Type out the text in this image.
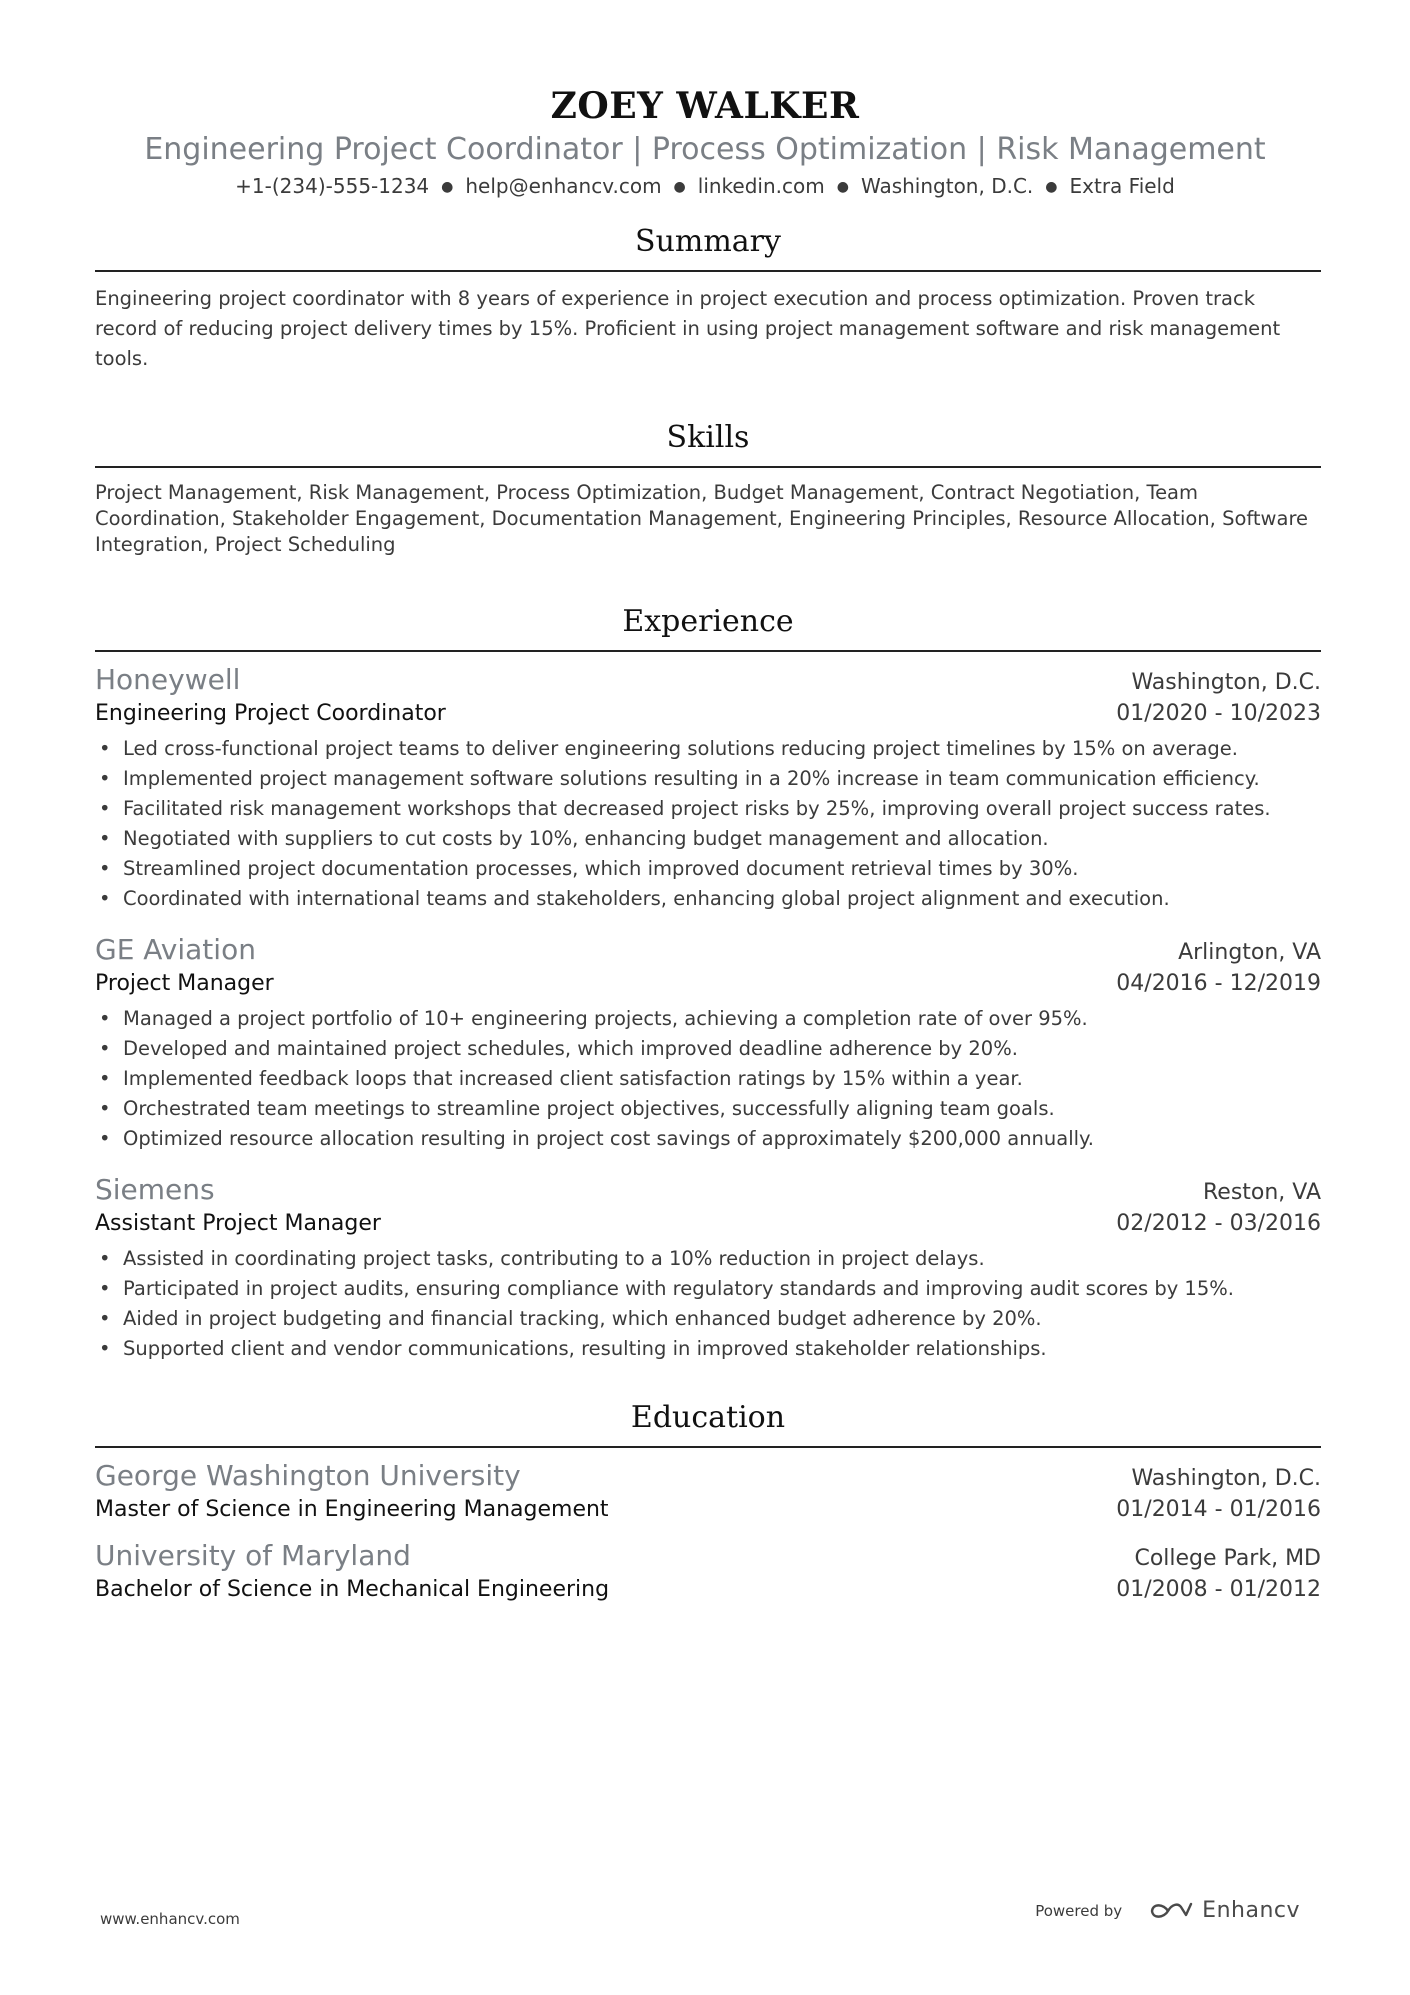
ZOEY WALKER
Engineering Project Coordinator | Process Optimization | Risk Management
+1-(234)-555-1234 ● help@enhancv.com ● linkedin.com ● Washington, D.C. ● Extra Field
Summary
Engineering project coordinator with 8 years of experience in project execution and process optimization. Proven track record of reducing project delivery times by 15%. Proficient in using project management software and risk management tools.
Skills
Project Management, Risk Management, Process Optimization, Budget Management, Contract Negotiation, Team Coordination, Stakeholder Engagement, Documentation Management, Engineering Principles, Resource Allocation, Software Integration, Project Scheduling
Experience
Honeywell	Washington, D.C.
Engineering Project Coordinator	01/2020 - 10/2023
• Led cross-functional project teams to deliver engineering solutions reducing project timelines by 15% on average.
• Implemented project management software solutions resulting in a 20% increase in team communication efficiency.
• Facilitated risk management workshops that decreased project risks by 25%, improving overall project success rates.
• Negotiated with suppliers to cut costs by 10%, enhancing budget management and allocation.
• Streamlined project documentation processes, which improved document retrieval times by 30%.
• Coordinated with international teams and stakeholders, enhancing global project alignment and execution.
GE Aviation	Arlington, VA
Project Manager	04/2016 - 12/2019
• Managed a project portfolio of 10+ engineering projects, achieving a completion rate of over 95%.
• Developed and maintained project schedules, which improved deadline adherence by 20%.
• Implemented feedback loops that increased client satisfaction ratings by 15% within a year.
• Orchestrated team meetings to streamline project objectives, successfully aligning team goals.
• Optimized resource allocation resulting in project cost savings of approximately $200,000 annually.
Siemens	Reston, VA
Assistant Project Manager	02/2012 - 03/2016
• Assisted in coordinating project tasks, contributing to a 10% reduction in project delays.
• Participated in project audits, ensuring compliance with regulatory standards and improving audit scores by 15%.
• Aided in project budgeting and financial tracking, which enhanced budget adherence by 20%.
• Supported client and vendor communications, resulting in improved stakeholder relationships.
Education
George Washington University	Washington, D.C.
Master of Science in Engineering Management	01/2014 - 01/2016
University of Maryland	College Park, MD
Bachelor of Science in Mechanical Engineering	01/2008 - 01/2012
www.enhancv.com	Powered by	Enhancv
